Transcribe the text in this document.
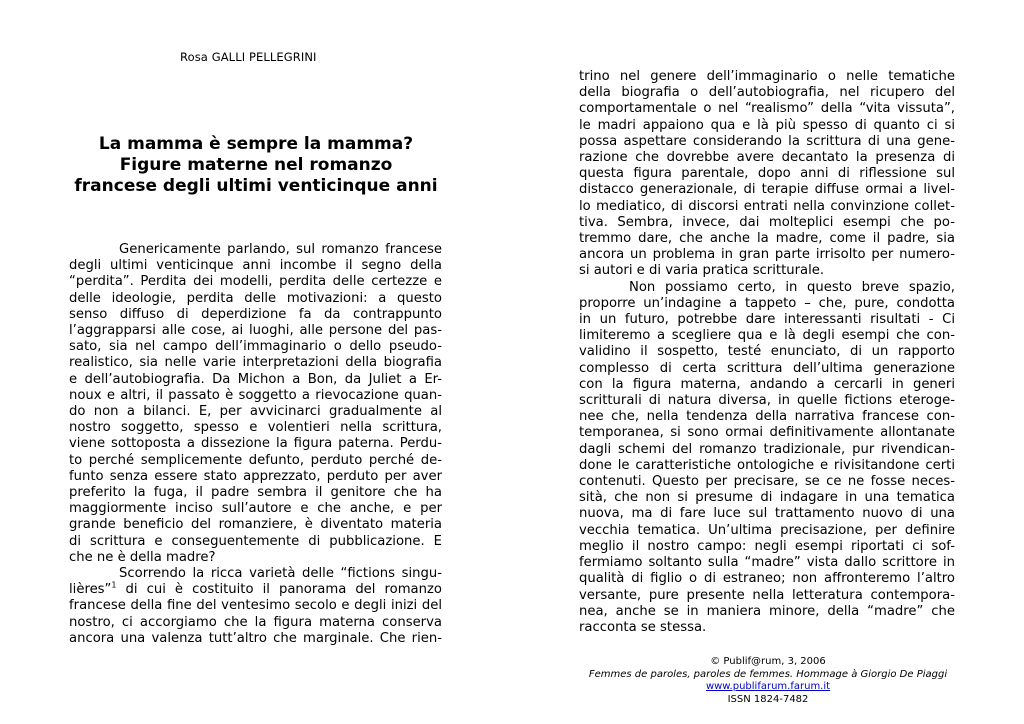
Rosa GALLI PELLEGRINI
La mamma è sempre la mamma?
Figure materne nel romanzo
francese degli ultimi venticinque anni
Genericamente parlando, sul romanzo francese
degli ultimi venticinque anni incombe il segno della
“perdita”. Perdita dei modelli, perdita delle certezze e
delle ideologie, perdita delle motivazioni: a questo
senso diffuso di deperdizione fa da contrappunto
l’aggrapparsi alle cose, ai luoghi, alle persone del pas-
sato, sia nel campo dell’immaginario o dello pseudo-
realistico, sia nelle varie interpretazioni della biografia
e dell’autobiografia. Da Michon a Bon, da Juliet a Er-
noux e altri, il passato è soggetto a rievocazione quan-
do non a bilanci. E, per avvicinarci gradualmente al
nostro soggetto, spesso e volentieri nella scrittura,
viene sottoposta a dissezione la figura paterna. Perdu-
to perché semplicemente defunto, perduto perché de-
funto senza essere stato apprezzato, perduto per aver
preferito la fuga, il padre sembra il genitore che ha
maggiormente inciso sull’autore e che anche, e per
grande beneficio del romanziere, è diventato materia
di scrittura e conseguentemente di pubblicazione. E
che ne è della madre?
Scorrendo la ricca varietà delle “fictions singu-
lières”$^1$ di cui è costituito il panorama del romanzo
francese della fine del ventesimo secolo e degli inizi del
nostro, ci accorgiamo che la figura materna conserva
ancora una valenza tutt’altro che marginale. Che rien-
trino nel genere dell’immaginario o nelle tematiche
della biografia o dell’autobiografia, nel ricupero del
comportamentale o nel “realismo” della “vita vissuta”,
le madri appaiono qua e là più spesso di quanto ci si
possa aspettare considerando la scrittura di una gene-
razione che dovrebbe avere decantato la presenza di
questa figura parentale, dopo anni di riflessione sul
distacco generazionale, di terapie diffuse ormai a livel-
lo mediatico, di discorsi entrati nella convinzione collet-
tiva. Sembra, invece, dai molteplici esempi che po-
tremmo dare, che anche la madre, come il padre, sia
ancora un problema in gran parte irrisolto per numero-
si autori e di varia pratica scritturale.
Non possiamo certo, in questo breve spazio,
proporre un’indagine a tappeto – che, pure, condotta
in un futuro, potrebbe dare interessanti risultati - Ci
limiteremo a scegliere qua e là degli esempi che con-
validino il sospetto, testé enunciato, di un rapporto
complesso di certa scrittura dell’ultima generazione
con la figura materna, andando a cercarli in generi
scritturali di natura diversa, in quelle fictions eteroge-
nee che, nella tendenza della narrativa francese con-
temporanea, si sono ormai definitivamente allontanate
dagli schemi del romanzo tradizionale, pur rivendican-
done le caratteristiche ontologiche e rivisitandone certi
contenuti. Questo per precisare, se ce ne fosse neces-
sità, che non si presume di indagare in una tematica
nuova, ma di fare luce sul trattamento nuovo di una
vecchia tematica. Un’ultima precisazione, per definire
meglio il nostro campo: negli esempi riportati ci sof-
fermiamo soltanto sulla “madre” vista dallo scrittore in
qualità di figlio o di estraneo; non affronteremo l’altro
versante, pure presente nella letteratura contempora-
nea, anche se in maniera minore, della “madre” che
racconta se stessa.
© Publif@rum, 3, 2006
Femmes de paroles, paroles de femmes. Hommage à Giorgio De Piaggi
www.publifarum.farum.it
ISSN 1824-7482
